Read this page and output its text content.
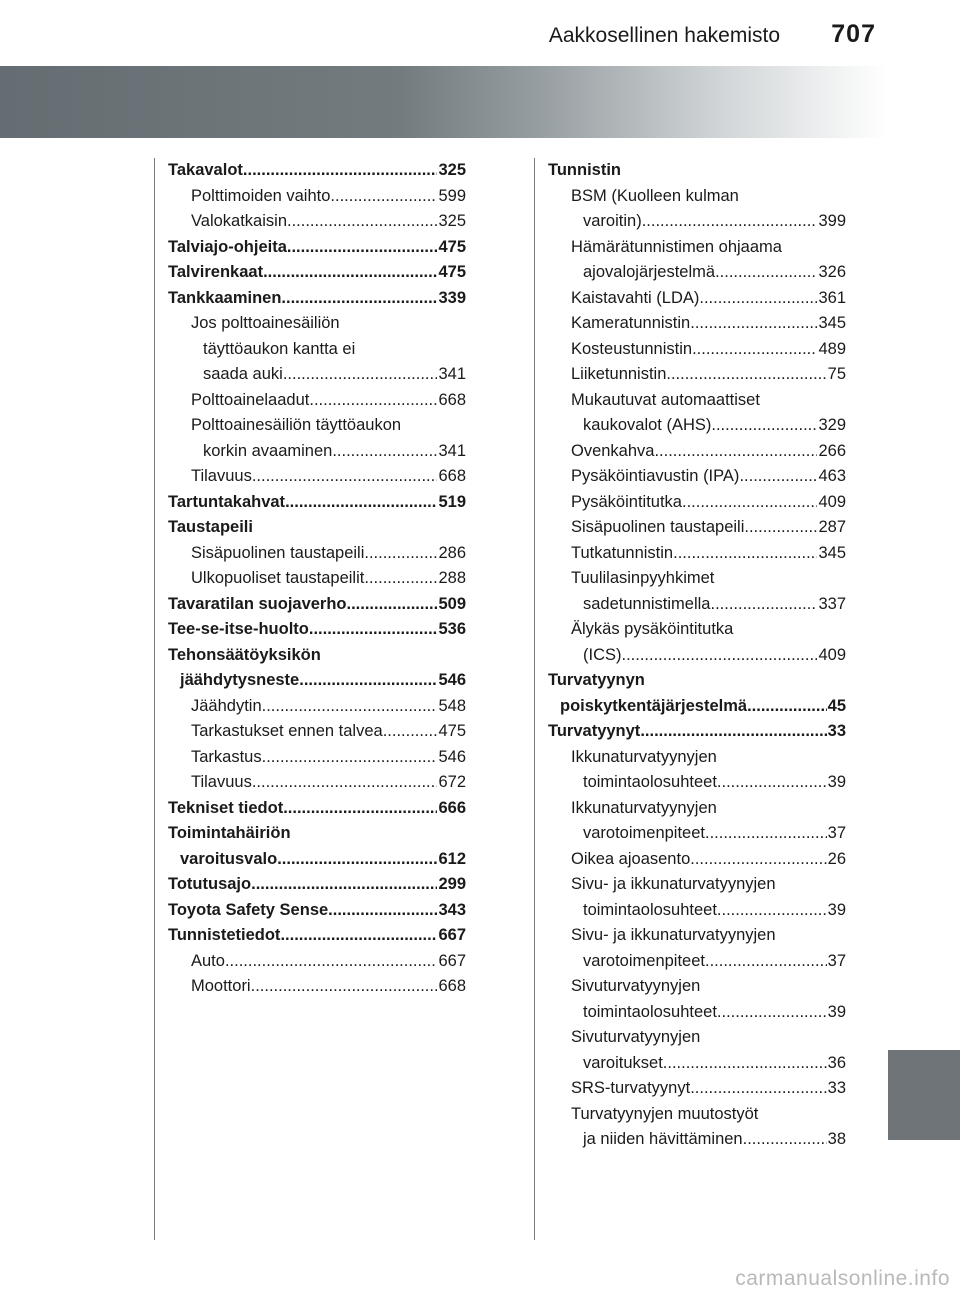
Aakkosellinen hakemisto 707
Takavalot .....	325
Polttimoiden vaihto .....	599
Valokatkaisin .....	325
Talviajo-ohjeita .....	475
Talvirenkaat .....	475
Tankkaaminen .....	339
Jos polttoainesäiliön
täyttöaukon kantta ei
saada auki .....	341
Polttoainelaadut .....	668
Polttoainesäiliön täyttöaukon
korkin avaaminen .....	341
Tilavuus .....	668
Tartuntakahvat .....	519
Taustapeili
Sisäpuolinen taustapeili .....	286
Ulkopuoliset taustapeilit .....	288
Tavaratilan suojaverho .....	509
Tee-se-itse-huolto .....	536
Tehonsäätöyksikön
jäähdytysneste .....	546
Jäähdytin .....	548
Tarkastukset ennen talvea .....	475
Tarkastus .....	546
Tilavuus .....	672
Tekniset tiedot .....	666
Toimintahäiriön
varoitusvalo .....	612
Totutusajo .....	299
Toyota Safety Sense .....	343
Tunnistetiedot .....	667
Auto .....	667
Moottori .....	668
Tunnistin
BSM (Kuolleen kulman
varoitin) .....	399
Hämärätunnistimen ohjaama
ajovalojärjestelmä .....	326
Kaistavahti (LDA) .....	361
Kameratunnistin .....	345
Kosteustunnistin .....	489
Liiketunnistin .....	75
Mukautuvat automaattiset
kaukovalot (AHS) .....	329
Ovenkahva .....	266
Pysäköintiavustin (IPA) .....	463
Pysäköintitutka .....	409
Sisäpuolinen taustapeili .....	287
Tutkatunnistin .....	345
Tuulilasinpyyhkimet
sadetunnistimella .....	337
Älykäs pysäköintitutka
(ICS) .....	409
Turvatyynyn
poiskytkentäjärjestelmä .....	45
Turvatyynyt .....	33
Ikkunaturvatyynyjen
toimintaolosuhteet .....	39
Ikkunaturvatyynyjen
varotoimenpiteet .....	37
Oikea ajoasento .....	26
Sivu- ja ikkunaturvatyynyjen
toimintaolosuhteet .....	39
Sivu- ja ikkunaturvatyynyjen
varotoimenpiteet .....	37
Sivuturvatyynyjen
toimintaolosuhteet .....	39
Sivuturvatyynyjen
varoitukset .....	36
SRS-turvatyynyt .....	33
Turvatyynyjen muutostyöt
ja niiden hävittäminen .....	38
carmanualsonline.info
